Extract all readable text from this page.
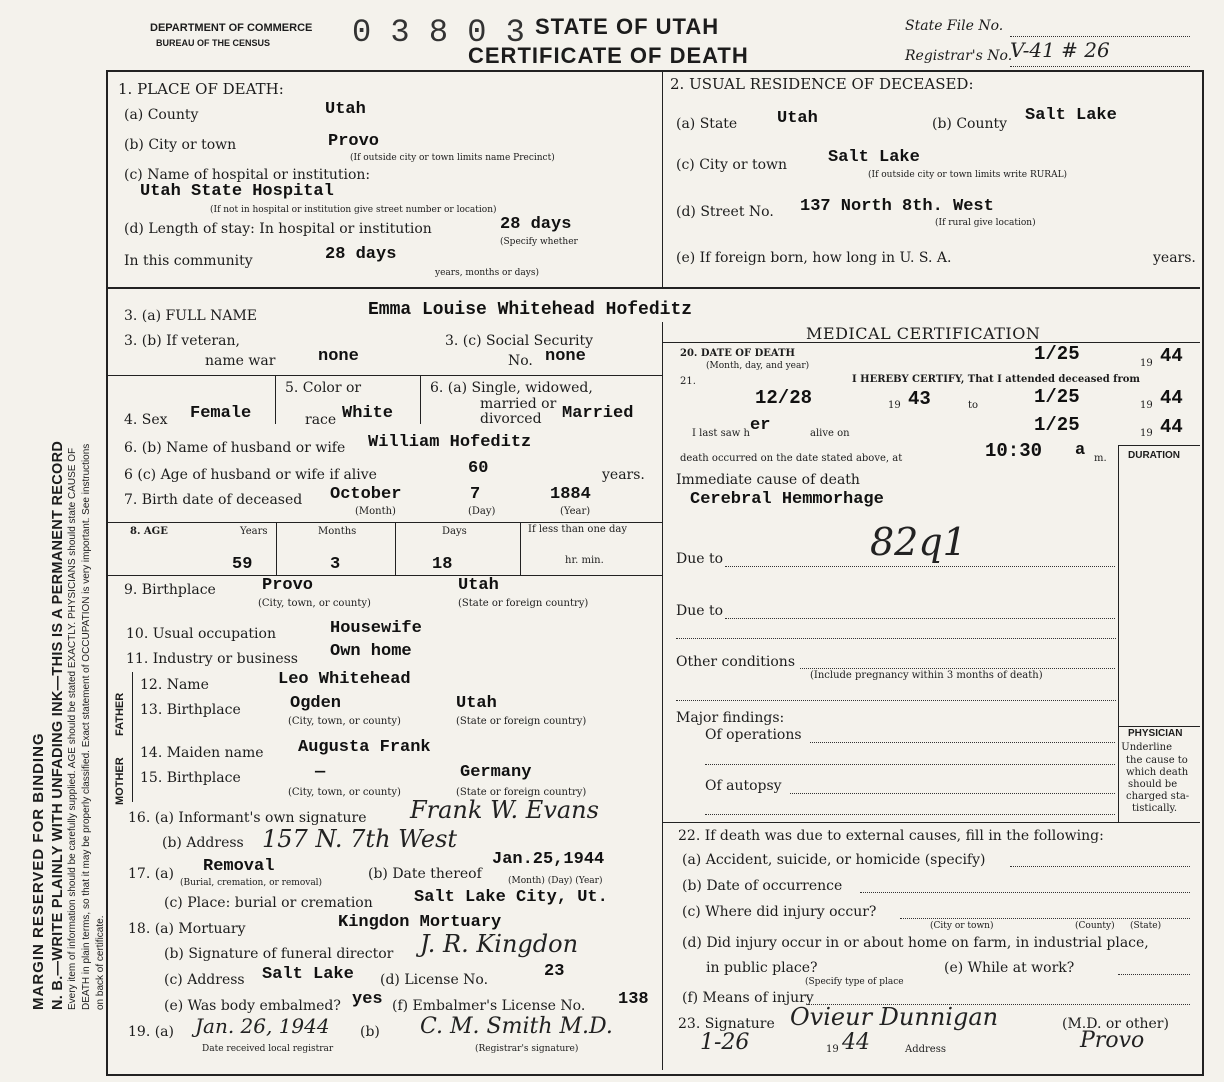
MARGIN RESERVED FOR BINDING N. B.—WRITE PLAINLY WITH UNFADING INK—THIS IS A PERMANENT RECORD Every item of information should be carefully supplied. AGE should be stated EXACTLY. PHYSICIANS should state CAUSE OF DEATH in plain terms, so that it may be properly classified. Exact statement of OCCUPATION is very important. See instructions on back of certificate.
DEPARTMENT OF COMMERCE
BUREAU OF THE CENSUS	0 3 8 0 3 STATE OF UTAH
CERTIFICATE OF DEATH
State File No.
Registrar's No.
V-41 # 26
1. PLACE OF DEATH:
(a) County	Utah
(b) City or town	Provo
(If outside city or town limits name Precinct)
(c) Name of hospital or institution:
Utah State Hospital
(If not in hospital or institution give street number or location)
(d) Length of stay: In hospital or institution	28 days
(Specify whether
In this community	28 days
years, months or days)
2. USUAL RESIDENCE OF DECEASED:
(a) State Utah	(b) County Salt Lake
(c) City or town Salt Lake
(If outside city or town limits write RURAL)
(d) Street No. 137 North 8th. West
(If rural give location)
(e) If foreign born, how long in U. S. A.	years.
3. (a) FULL NAME	Emma Louise Whitehead Hofeditz
3. (b) If veteran,
name war	none
3. (c) Social Security
No. none
4. Sex Female
5. Color or
race White
6. (a) Single, widowed,
married or
divorced Married
6. (b) Name of husband or wife William Hofeditz
6 (c) Age of husband or wife if alive	60	years.
7. Birth date of deceased October	7	1884
(Month)	(Day)	(Year)
8. AGE	Years	Months	Days	If less than one day
59	3	18	hr. min.
9. Birthplace	Provo	Utah
(City, town, or county)	(State or foreign country)
10. Usual occupation	Housewife
11. Industry or business Own home
FATHER
MOTHER
12. Name	Leo Whitehead
13. Birthplace	Ogden	Utah
(City, town, or county)	(State or foreign country)
14. Maiden name Augusta Frank
15. Birthplace	—	Germany
(City, town, or county)	(State or foreign country)
16. (a) Informant's own signature Frank W. Evans
(b) Address 157 N. 7th West
17. (a) Removal
(Burial, cremation, or removal)
(b) Date thereof
Jan.25,1944
(Month) (Day) (Year)
(c) Place: burial or cremation Salt Lake City, Ut.
18. (a) Mortuary	Kingdon Mortuary
(b) Signature of funeral director J. R. Kingdon
(c) Address Salt Lake (d) License No.	23
(e) Was body embalmed? yes (f) Embalmer's License No. 138
19. (a) Jan. 26, 1944 (b) C. M. Smith M.D.
Date received local registrar	(Registrar's signature)
MEDICAL CERTIFICATION
20. DATE OF DEATH
(Month, day, and year)
1/25	19 44
21.	I HEREBY CERTIFY, That I attended deceased from
12/28	19 43	to	1/25	19 44
I last saw h er	alive on	1/25	19 44
death occurred on the date stated above, at	10:30 a m. DURATION
Immediate cause of death
Cerebral Hemmorhage
Due to	82q1
Due to
Other conditions
(Include pregnancy within 3 months of death)
Major findings:
Of operations
Of autopsy
PHYSICIAN
Underline
the cause to
which death
should be
charged sta-
tistically.
22. If death was due to external causes, fill in the following:
(a) Accident, suicide, or homicide (specify)
(b) Date of occurrence
(c) Where did injury occur?
(City or town)	(County) (State)
(d) Did injury occur in or about home on farm, in industrial place,
in public place?	(e) While at work?
(Specify type of place
(f) Means of injury
23. Signature Ovieur Dunnigan	(M.D. or other)
1-26	19 44	Address	Provo
